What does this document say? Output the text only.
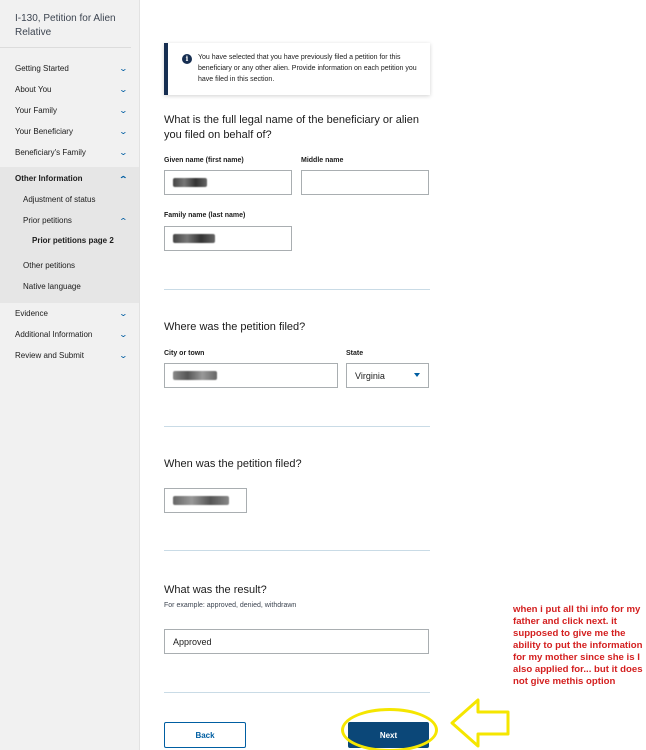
I-130, Petition for Alien Relative
Getting Started	⌄
About You	⌄
Your Family	⌄
Your Beneficiary	⌄
Beneficiary's Family	⌄
Other Information	⌄
Adjustment of status
Prior petitions	⌄
Prior petitions page 2
Other petitions
Native language
Evidence	⌄
Additional Information	⌄
Review and Submit	⌄
i	You have selected that you have previously filed a petition for this beneficiary or any other alien. Provide information on each petition you have filed in this section.
What is the full legal name of the beneficiary or alien you filed on behalf of?
Given name (first name)	Middle name
Family name (last name)
Where was the petition filed?
City or town	State
Virginia
When was the petition filed?
What was the result?
For example: approved, denied, withdrawn
Approved
Back	Next
when i put all thi info for my father and click next. it supposed to give me the ability to put the information for my mother since she is I also applied for... but it does not give methis option
